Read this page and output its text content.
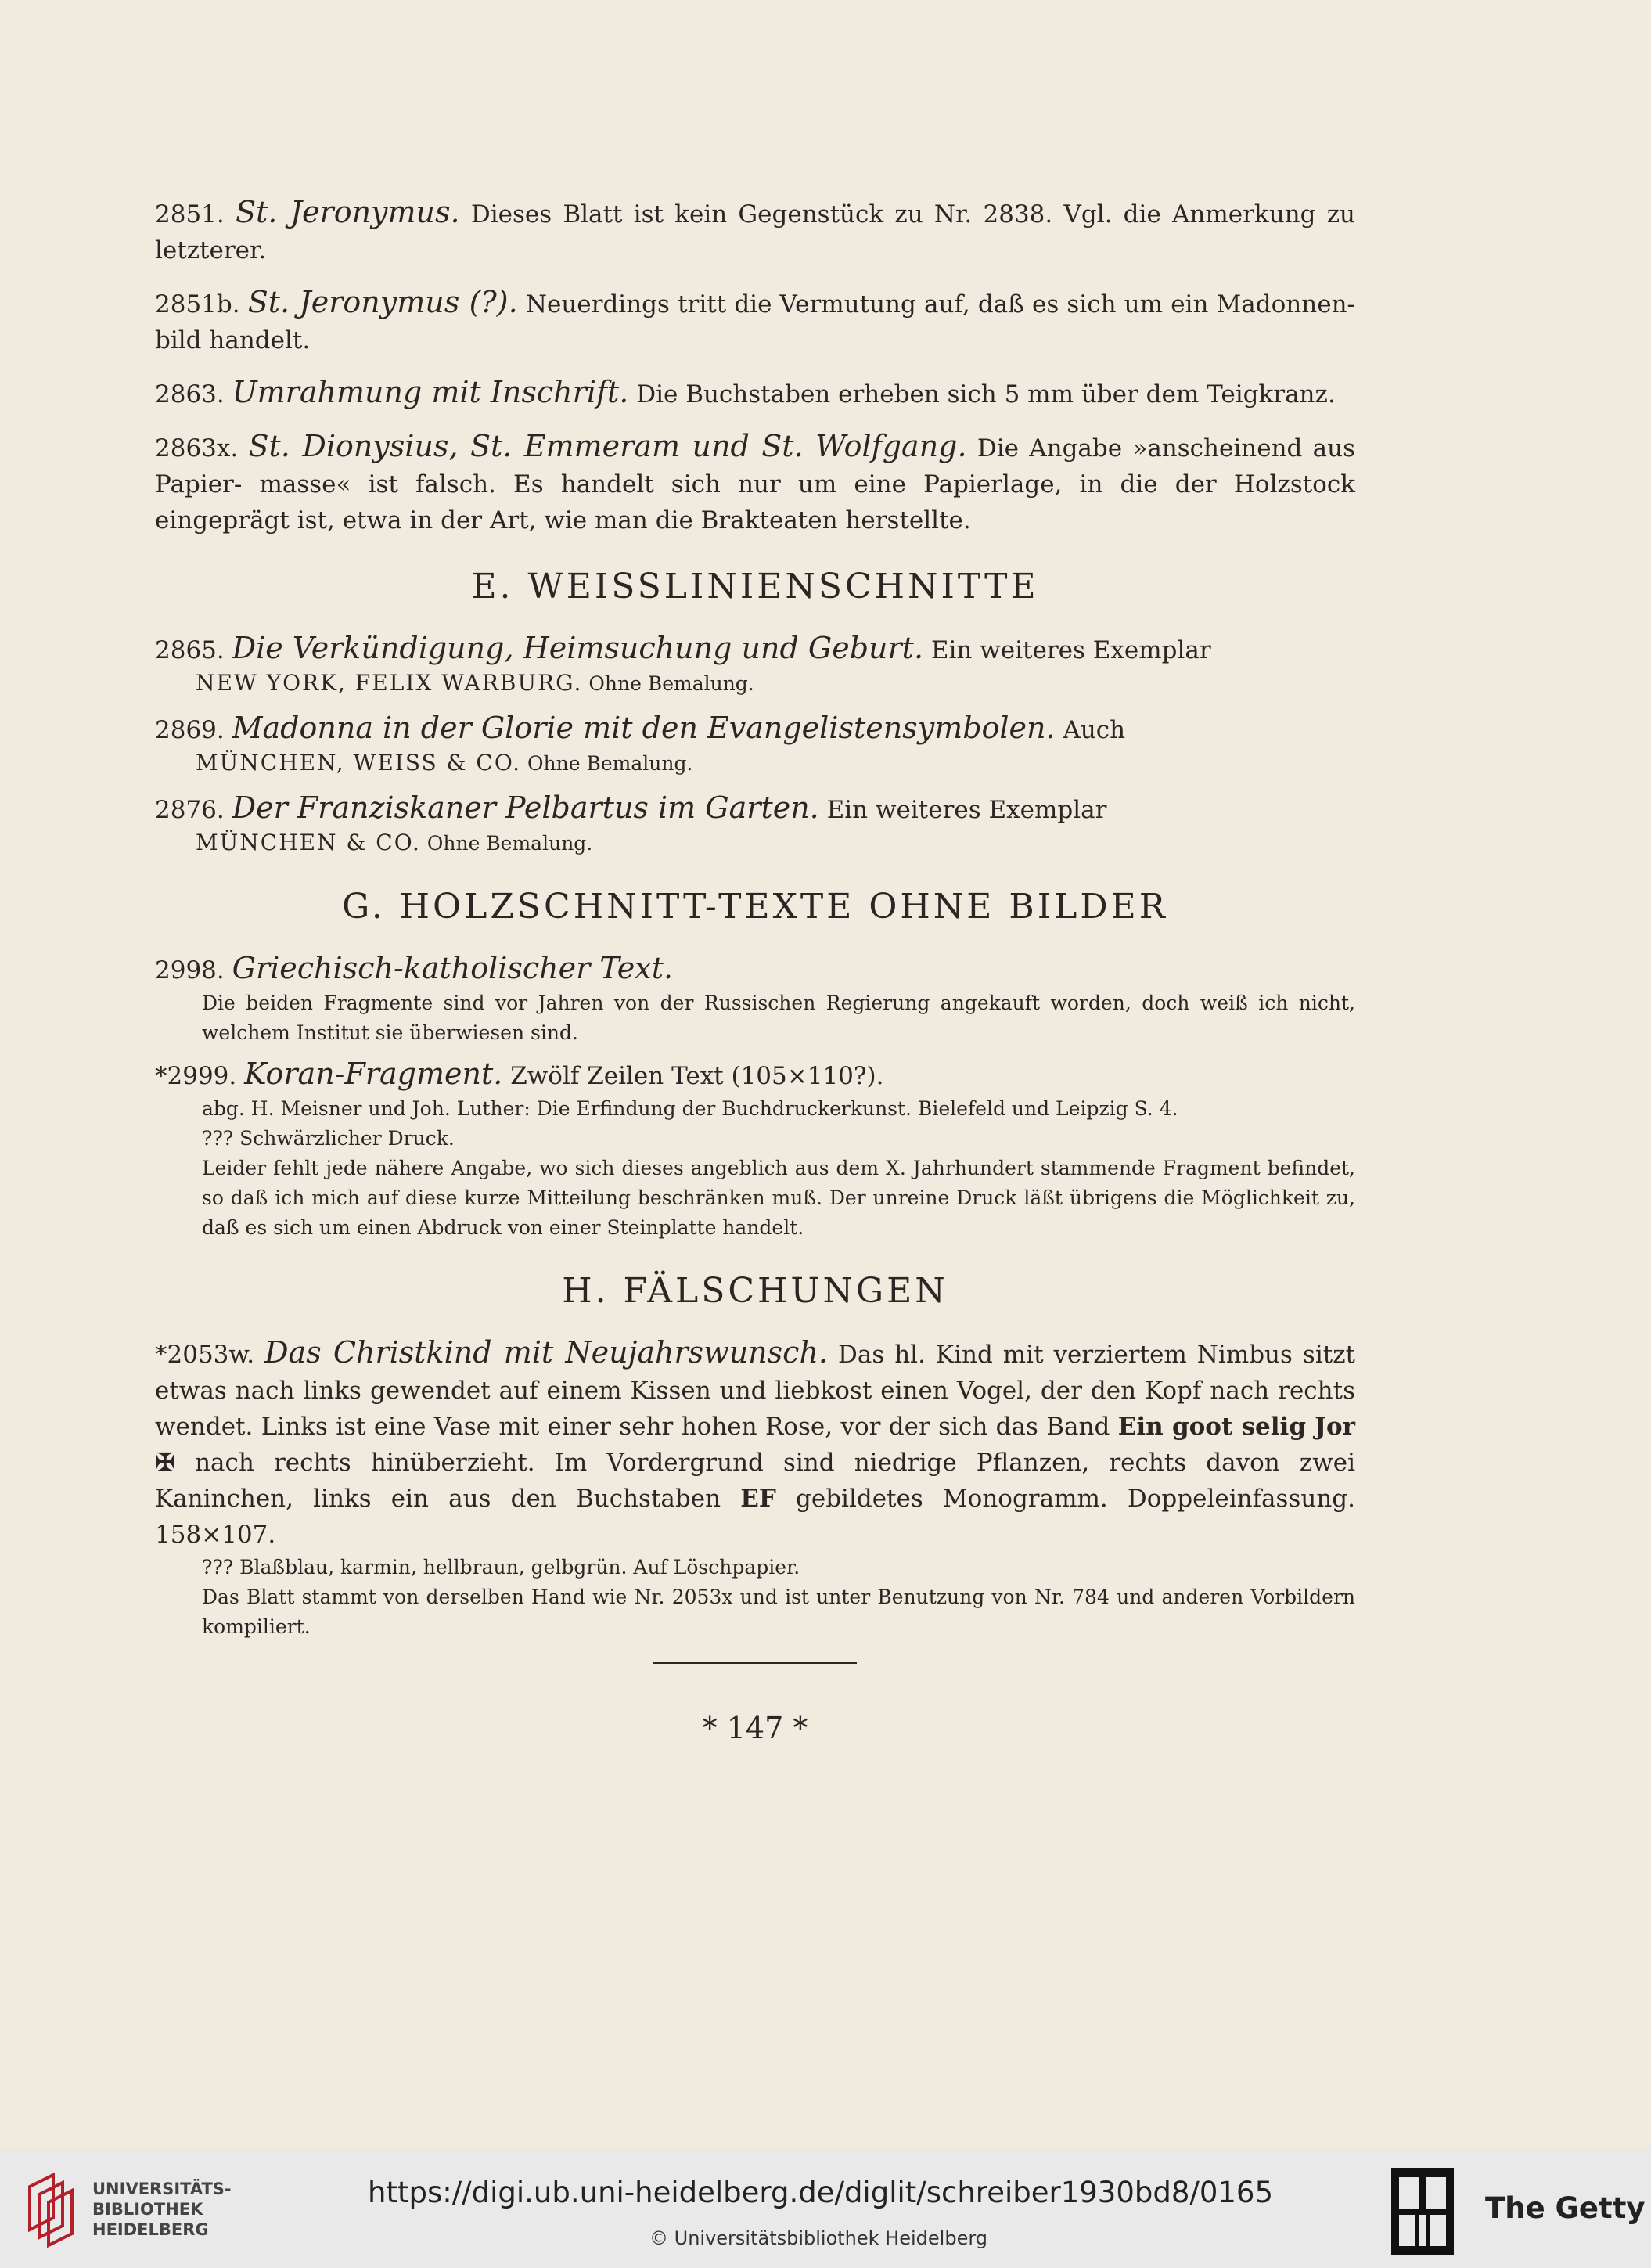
2851. St. Jeronymus. Dieses Blatt ist kein Gegenstück zu Nr. 2838. Vgl. die Anmerkung zu letzterer.
2851b. St. Jeronymus (?). Neuerdings tritt die Vermutung auf, daß es sich um ein Madonnen- bild handelt.
2863. Umrahmung mit Inschrift. Die Buchstaben erheben sich 5 mm über dem Teigkranz.
2863x. St. Dionysius, St. Emmeram und St. Wolfgang. Die Angabe »anscheinend aus Papier- masse« ist falsch. Es handelt sich nur um eine Papierlage, in die der Holzstock eingeprägt ist, etwa in der Art, wie man die Brakteaten herstellte.
E. WEISSLINIENSCHNITTE
2865. Die Verkündigung, Heimsuchung und Geburt. Ein weiteres Exemplar
NEW YORK, FELIX WARBURG. Ohne Bemalung.
2869. Madonna in der Glorie mit den Evangelistensymbolen. Auch
MÜNCHEN, WEISS & CO. Ohne Bemalung.
2876. Der Franziskaner Pelbartus im Garten. Ein weiteres Exemplar
MÜNCHEN & CO. Ohne Bemalung.
G. HOLZSCHNITT-TEXTE OHNE BILDER
2998. Griechisch-katholischer Text.
Die beiden Fragmente sind vor Jahren von der Russischen Regierung angekauft worden, doch weiß ich nicht, welchem Institut sie überwiesen sind.
*2999. Koran-Fragment. Zwölf Zeilen Text (105×110?).
abg. H. Meisner und Joh. Luther: Die Erfindung der Buchdruckerkunst. Bielefeld und Leipzig S. 4.
??? Schwärzlicher Druck.
Leider fehlt jede nähere Angabe, wo sich dieses angeblich aus dem X. Jahrhundert stammende Fragment befindet, so daß ich mich auf diese kurze Mitteilung beschränken muß. Der unreine Druck läßt übrigens die Möglichkeit zu, daß es sich um einen Abdruck von einer Steinplatte handelt.
H. FÄLSCHUNGEN
*2053w. Das Christkind mit Neujahrswunsch. Das hl. Kind mit verziertem Nimbus sitzt etwas nach links gewendet auf einem Kissen und liebkost einen Vogel, der den Kopf nach rechts wendet. Links ist eine Vase mit einer sehr hohen Rose, vor der sich das Band Ein goot selig Jor ✠ nach rechts hinüberzieht. Im Vordergrund sind niedrige Pflanzen, rechts davon zwei Kaninchen, links ein aus den Buchstaben EF gebildetes Monogramm. Doppeleinfassung. 158×107.
??? Blaßblau, karmin, hellbraun, gelbgrün. Auf Löschpapier.
Das Blatt stammt von derselben Hand wie Nr. 2053x und ist unter Benutzung von Nr. 784 und anderen Vorbildern kompiliert.
* 147 *
UNIVERSITÄTS- BIBLIOTHEK HEIDELBERG
https://digi.ub.uni-heidelberg.de/diglit/schreiber1930bd8/0165
© Universitätsbibliothek Heidelberg
The Getty
